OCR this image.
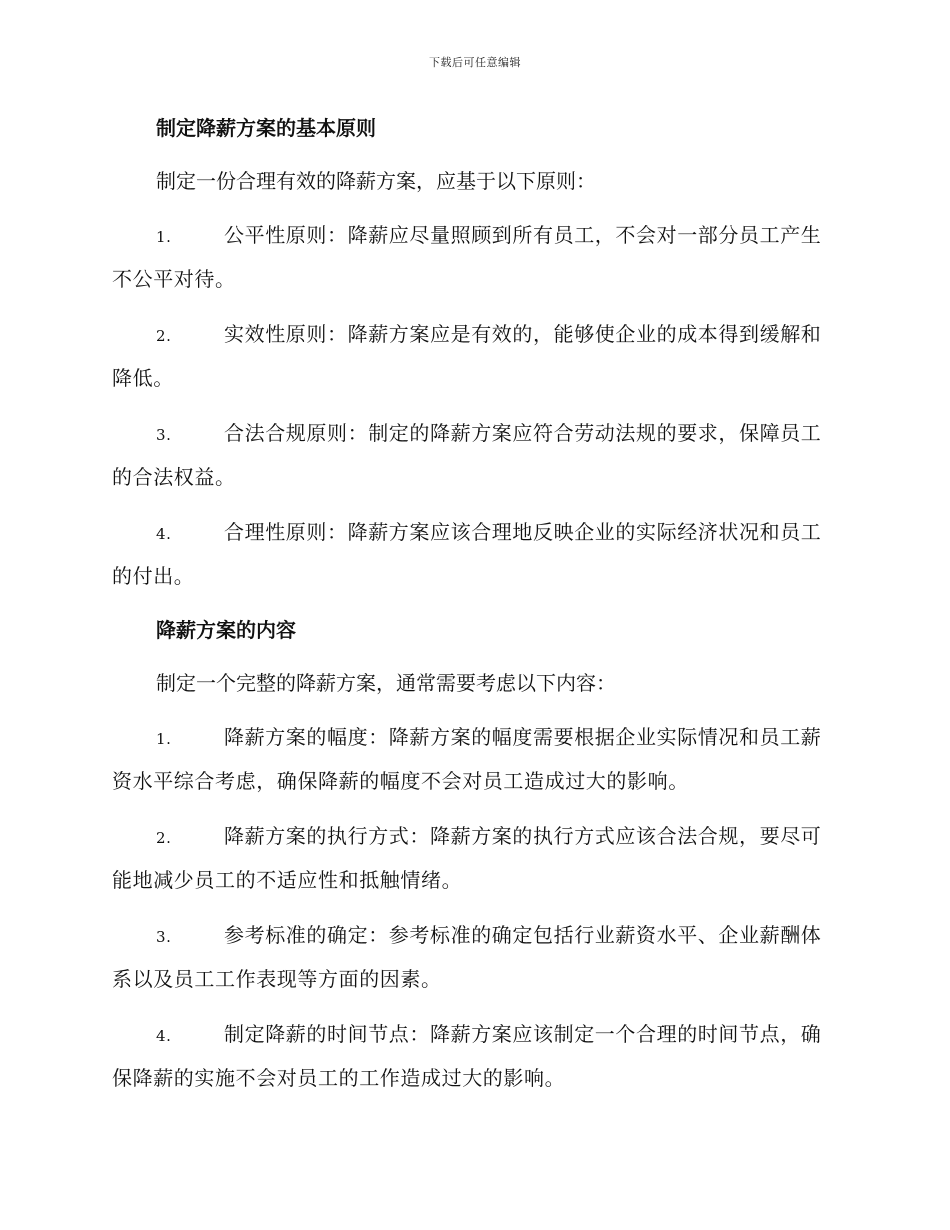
下载后可任意编辑
制定降薪方案的基本原则
制定一份合理有效的降薪方案，应基于以下原则：
1.	公平性原则：降薪应尽量照顾到所有员工，不会对一部分员工产生不公平对待。
2.	实效性原则：降薪方案应是有效的，能够使企业的成本得到缓解和降低。
3.	合法合规原则：制定的降薪方案应符合劳动法规的要求，保障员工的合法权益。
4.	合理性原则：降薪方案应该合理地反映企业的实际经济状况和员工的付出。
降薪方案的内容
制定一个完整的降薪方案，通常需要考虑以下内容：
1.	降薪方案的幅度：降薪方案的幅度需要根据企业实际情况和员工薪资水平综合考虑，确保降薪的幅度不会对员工造成过大的影响。
2.	降薪方案的执行方式：降薪方案的执行方式应该合法合规，要尽可能地减少员工的不适应性和抵触情绪。
3.	参考标准的确定：参考标准的确定包括行业薪资水平、企业薪酬体系以及员工工作表现等方面的因素。
4.	制定降薪的时间节点：降薪方案应该制定一个合理的时间节点，确保降薪的实施不会对员工的工作造成过大的影响。
